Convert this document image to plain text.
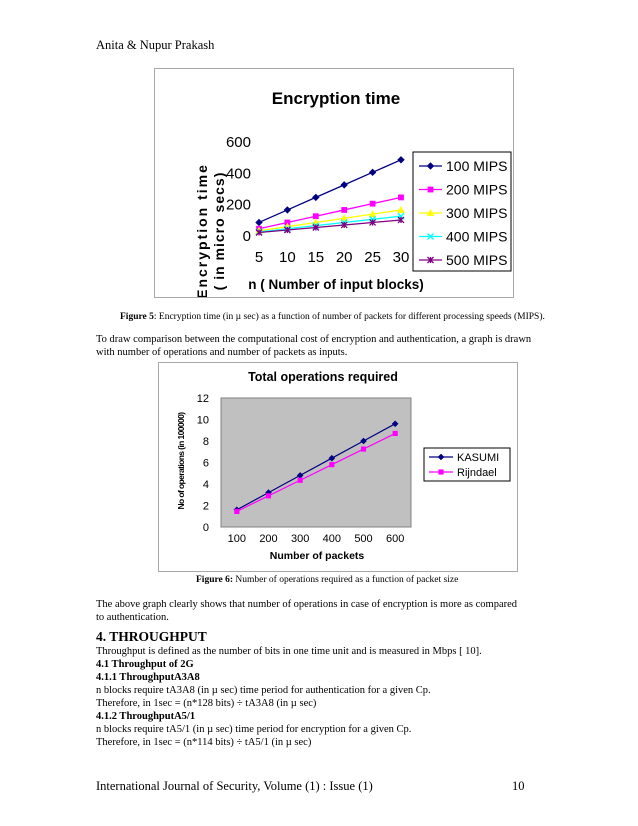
Anita & Nupur Prakash
Encryption time
Encryption time ( in micro secs) 0
200
400
600
5 10 15 20 25 30
n ( Number of input blocks)
100 MIPS
200 MIPS
300 MIPS
400 MIPS
500 MIPS
Figure 5: Encryption time (in µ sec) as a function of number of packets for different processing speeds (MIPS).
To draw comparison between the computational cost of encryption and authentication, a graph is drawn with number of operations and number of packets as inputs.
Total operations required
No of operations (in 100000)
0
2
4
6
8
10
12
100 200 300 400 500 600
Number of packets
KASUMI
Rijndael
Figure 6: Number of operations required as a function of packet size
The above graph clearly shows that number of operations in case of encryption is more as compared to authentication.
4. THROUGHPUT
Throughput is defined as the number of bits in one time unit and is measured in Mbps [ 10].
4.1 Throughput of 2G
4.1.1 ThroughputA3A8
n blocks require tA3A8 (in µ sec) time period for authentication for a given Cp.
Therefore, in 1sec = (n*128 bits) ÷ tA3A8 (in µ sec)
4.1.2 ThroughputA5/1
n blocks require tA5/1 (in µ sec) time period for encryption for a given Cp.
Therefore, in 1sec = (n*114 bits) ÷ tA5/1 (in µ sec)
International Journal of Security, Volume (1) : Issue (1)	10
